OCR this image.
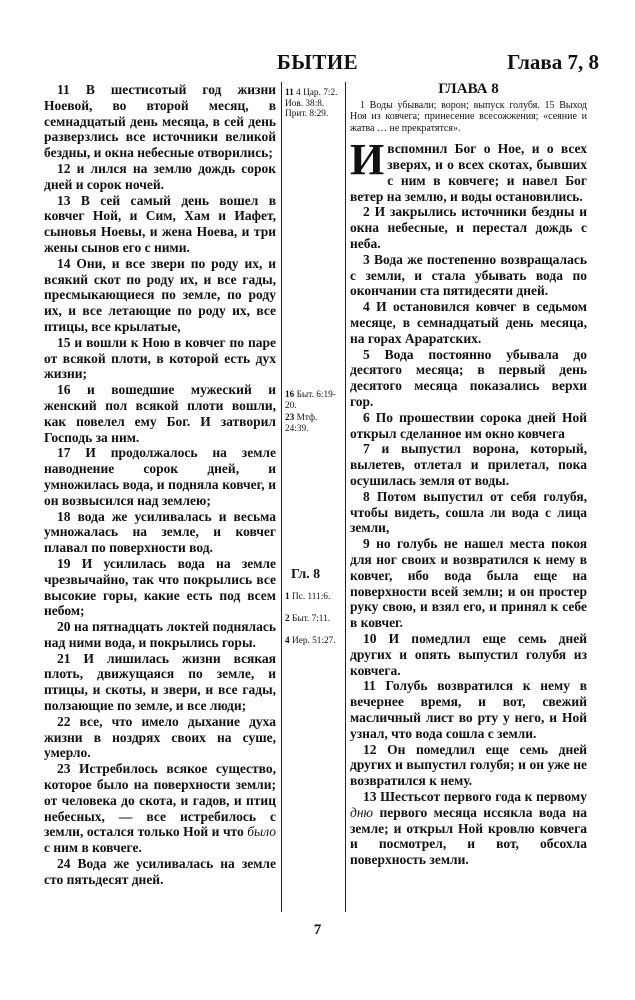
БЫТИЕ	Глава 7, 8

11 В шестисотый год жизни Ноевой, во второй месяц, в семнадцатый день месяца, в сей день разверзлись все источники великой бездны, и окна небесные отворились;

12 и лился на землю дождь сорок дней и сорок ночей.

13 В сей самый день вошел в ковчег Ной, и Сим, Хам и Иафет, сыновья Ноевы, и жена Ноева, и три жены сынов его с ними.

14 Они, и все звери по роду их, и всякий скот по роду их, и все гады, пресмыкающиеся по земле, по роду их, и все летающие по роду их, все птицы, все крылатые,

15 и вошли к Ною в ковчег по паре от всякой плоти, в которой есть дух жизни;

16 и вошедшие мужеский и женский пол всякой плоти вошли, как повелел ему Бог. И затворил Господь за ним.

17 И продолжалось на земле наводнение сорок дней, и умножилась вода, и подняла ковчег, и он возвысился над землею;

18 вода же усиливалась и весьма умножалась на земле, и ковчег плавал по поверхности вод.

19 И усилилась вода на земле чрезвычайно, так что покрылись все высокие горы, какие есть под всем небом;

20 на пятнадцать локтей поднялась над ними вода, и покрылись горы.

21 И лишилась жизни всякая плоть, движущаяся по земле, и птицы, и скоты, и звери, и все гады, ползающие по земле, и все люди;

22 все, что имело дыхание духа жизни в ноздрях своих на суше, умерло.

23 Истребилось всякое существо, которое было на поверхности земли; от человека до скота, и гадов, и птиц небесных, — все истребилось с земли, остался только Ной и что было с ним в ковчеге.

24 Вода же усиливалась на земле сто пятьдесят дней.

11 4 Цар. 7:2. Иов. 38:8. Прит. 8:29.
16 Быт. 6:19-20.
23 Мтф. 24:39.
Гл. 8
1 Пс. 111:6.
2 Быт. 7:11.
4 Иер. 51:27.

ГЛАВА 8

1 Воды убывали; ворон; выпуск голубя. 15 Выход Ноя из ковчега; принесение всесожжения; «сеяние и жатва … не прекратятся».

Ивспомнил Бог о Ное, и о всех зверях, и о всех скотах, бывших с ним в ковчеге; и навел Бог ветер на землю, и воды остановились.

2 И закрылись источники бездны и окна небесные, и перестал дождь с неба.

3 Вода же постепенно возвращалась с земли, и стала убывать вода по окончании ста пятидесяти дней.

4 И остановился ковчег в седьмом месяце, в семнадцатый день месяца, на горах Араратских.

5 Вода постоянно убывала до десятого месяца; в первый день десятого месяца показались верхи гор.

6 По прошествии сорока дней Ной открыл сделанное им окно ковчега

7 и выпустил ворона, который, вылетев, отлетал и прилетал, пока осушилась земля от воды.

8 Потом выпустил от себя голубя, чтобы видеть, сошла ли вода с лица земли,

9 но голубь не нашел места покоя для ног своих и возвратился к нему в ковчег, ибо вода была еще на поверхности всей земли; и он простер руку свою, и взял его, и принял к себе в ковчег.

10 И помедлил еще семь дней других и опять выпустил голубя из ковчега.

11 Голубь возвратился к нему в вечернее время, и вот, свежий масличный лист во рту у него, и Ной узнал, что вода сошла с земли.

12 Он помедлил еще семь дней других и выпустил голубя; и он уже не возвратился к нему.

13 Шестьсот первого года к первому дню первого месяца иссякла вода на земле; и открыл Ной кровлю ковчега и посмотрел, и вот, обсохла поверхность земли.

7
